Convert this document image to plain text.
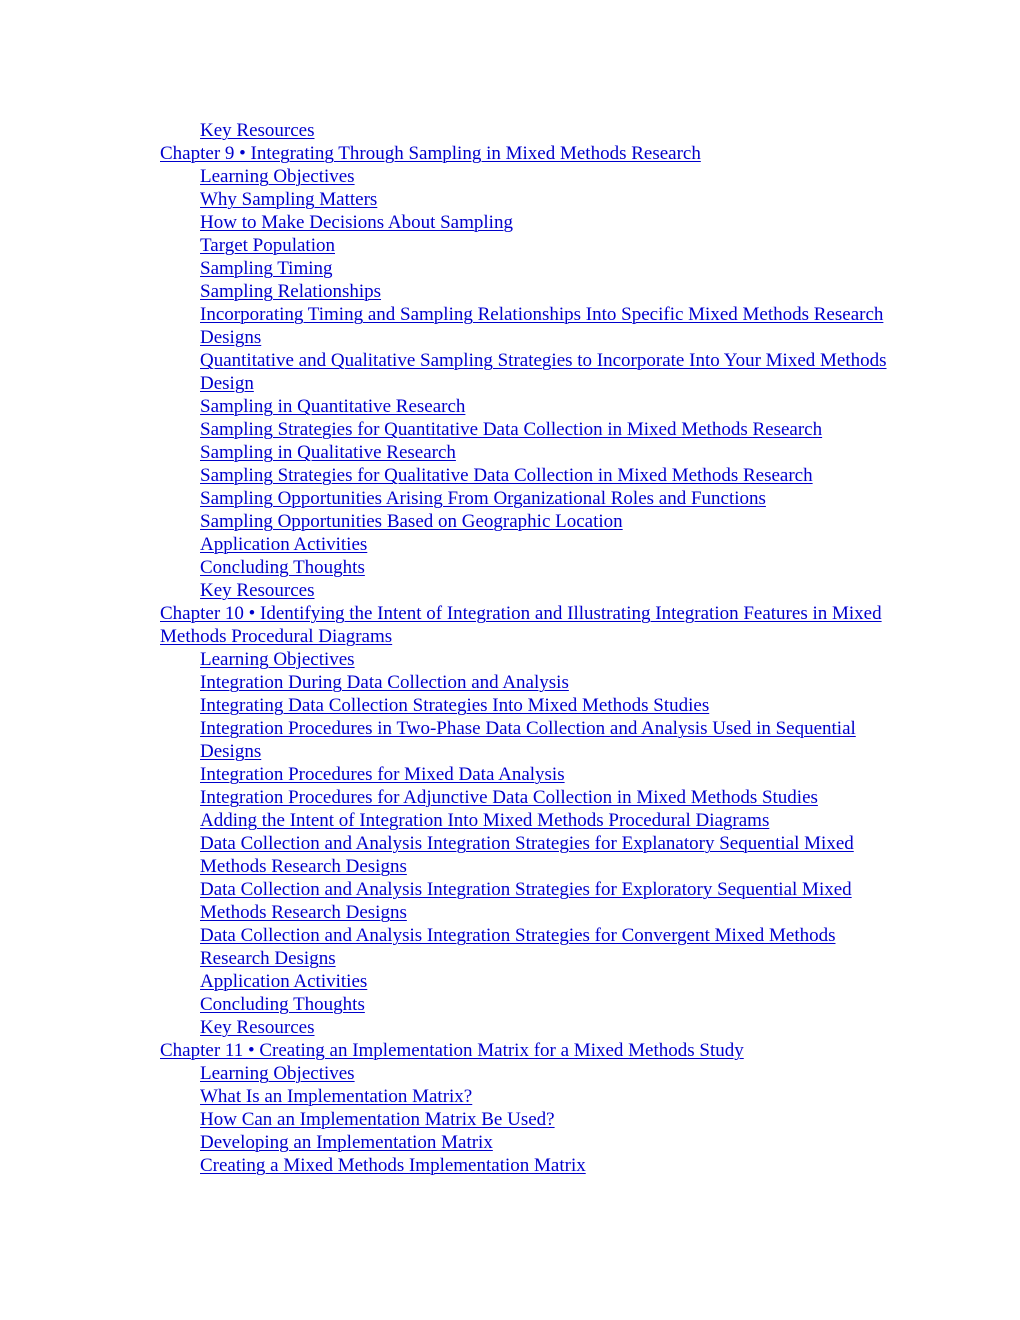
Key Resources
Chapter 9 • Integrating Through Sampling in Mixed Methods Research
Learning Objectives
Why Sampling Matters
How to Make Decisions About Sampling
Target Population
Sampling Timing
Sampling Relationships
Incorporating Timing and Sampling Relationships Into Specific Mixed Methods Research Designs
Quantitative and Qualitative Sampling Strategies to Incorporate Into Your Mixed Methods Design
Sampling in Quantitative Research
Sampling Strategies for Quantitative Data Collection in Mixed Methods Research
Sampling in Qualitative Research
Sampling Strategies for Qualitative Data Collection in Mixed Methods Research
Sampling Opportunities Arising From Organizational Roles and Functions
Sampling Opportunities Based on Geographic Location
Application Activities
Concluding Thoughts
Key Resources
Chapter 10 • Identifying the Intent of Integration and Illustrating Integration Features in Mixed Methods Procedural Diagrams
Learning Objectives
Integration During Data Collection and Analysis
Integrating Data Collection Strategies Into Mixed Methods Studies
Integration Procedures in Two-Phase Data Collection and Analysis Used in Sequential Designs
Integration Procedures for Mixed Data Analysis
Integration Procedures for Adjunctive Data Collection in Mixed Methods Studies
Adding the Intent of Integration Into Mixed Methods Procedural Diagrams
Data Collection and Analysis Integration Strategies for Explanatory Sequential Mixed Methods Research Designs
Data Collection and Analysis Integration Strategies for Exploratory Sequential Mixed Methods Research Designs
Data Collection and Analysis Integration Strategies for Convergent Mixed Methods Research Designs
Application Activities
Concluding Thoughts
Key Resources
Chapter 11 • Creating an Implementation Matrix for a Mixed Methods Study
Learning Objectives
What Is an Implementation Matrix?
How Can an Implementation Matrix Be Used?
Developing an Implementation Matrix
Creating a Mixed Methods Implementation Matrix
